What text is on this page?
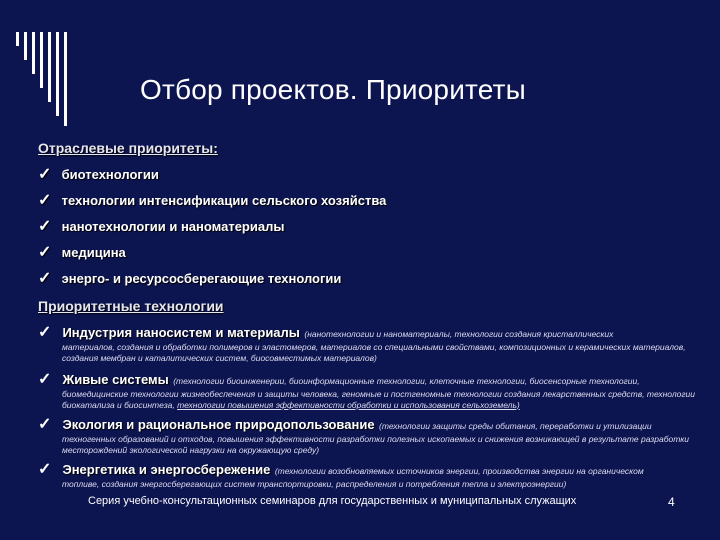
Отбор проектов. Приоритеты
Отраслевые приоритеты:
✓ биотехнологии
✓ технологии интенсификации сельского хозяйства
✓ нанотехнологии и наноматериалы
✓ медицина
✓ энерго- и ресурсосберегающие технологии
Приоритетные технологии
✓ Индустрия наносистем и материалы (нанотехнологии и наноматериалы, технологии создания кристаллических
материалов, создания и обработки полимеров и эластомеров, материалов со специальными свойствами, композиционных и керамических материалов, создания мембран и каталитических систем, биосовместимых материалов)
✓ Живые системы (технологии биоинженерии, биоинформационные технологии, клеточные технологии, биосенсорные технологии,
биомедицинские технологии жизнеобеспечения и защиты человека, геномные и постгеномные технологии создания лекарственных средств, технологии биокатализа и биосинтеза, технологии повышения эффективности обработки и использования сельхоземель)
✓ Экология и рациональное природопользование (технологии защиты среды обитания, переработки и утилизации
техногенных образований и отходов, повышения эффективности разработки полезных ископаемых и снижения возникающей в результате разработки месторождений экологической нагрузки на окружающую среду)
✓ Энергетика и энергосбережение (технологии возобновляемых источников энергии, производства энергии на органическом
топливе, создания энергосберегающих систем транспортировки, распределения и потребления тепла и электроэнергии)
Серия учебно-консультационных семинаров для государственных и муниципальных служащих	4
